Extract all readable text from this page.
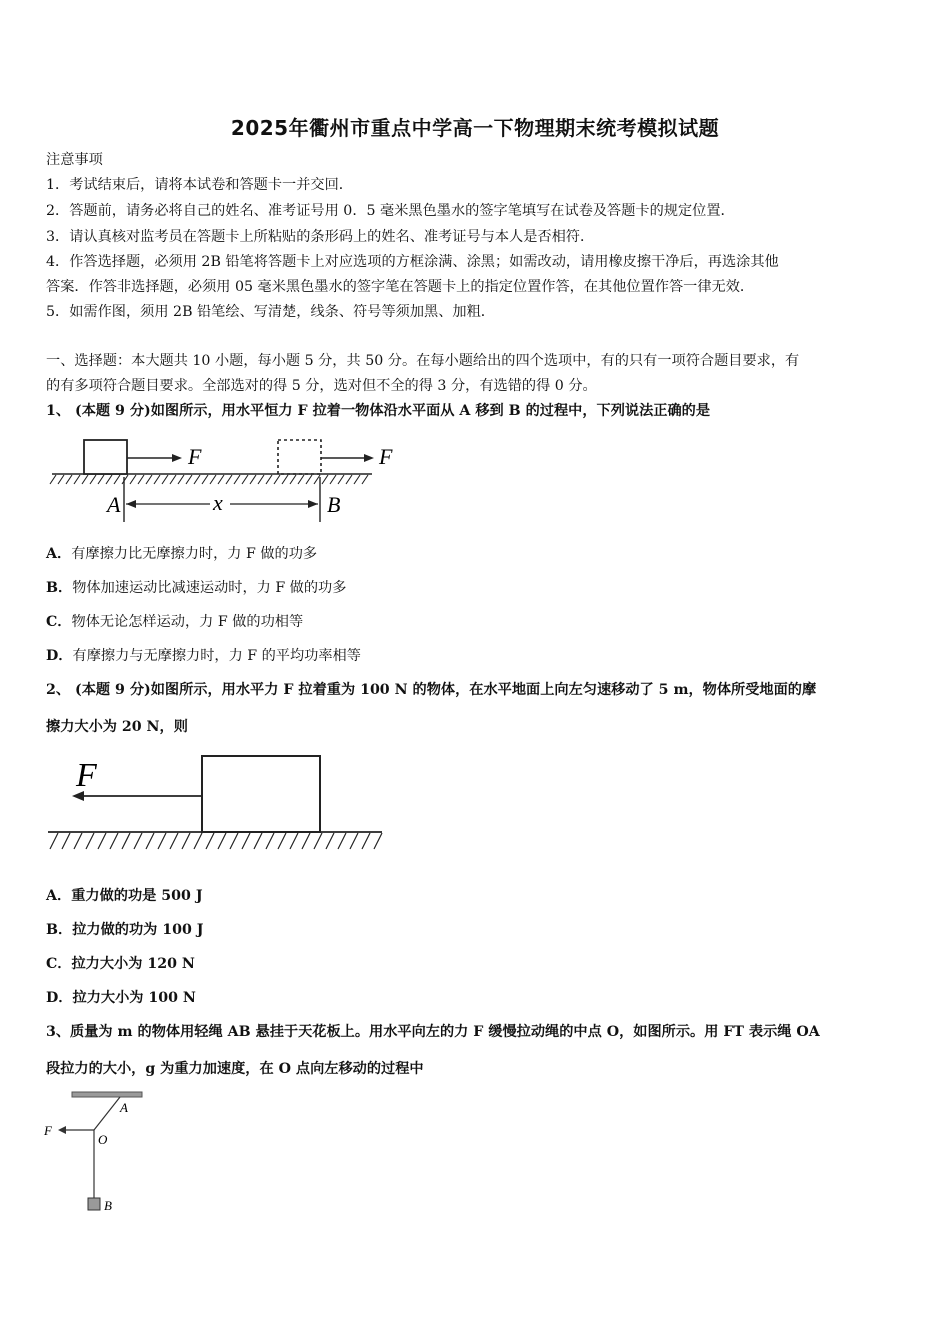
2025年衢州市重点中学高一下物理期末统考模拟试题
注意事项
1．考试结束后，请将本试卷和答题卡一并交回．
2．答题前，请务必将自己的姓名、准考证号用 0．5 毫米黑色墨水的签字笔填写在试卷及答题卡的规定位置．
3．请认真核对监考员在答题卡上所粘贴的条形码上的姓名、准考证号与本人是否相符．
4．作答选择题，必须用 2B 铅笔将答题卡上对应选项的方框涂满、涂黑；如需改动，请用橡皮擦干净后，再选涂其他
答案．作答非选择题，必须用 05 毫米黑色墨水的签字笔在答题卡上的指定位置作答，在其他位置作答一律无效．
5．如需作图，须用 2B 铅笔绘、写清楚，线条、符号等须加黑、加粗．
一、选择题：本大题共 10 小题，每小题 5 分，共 50 分。在每小题给出的四个选项中，有的只有一项符合题目要求，有
的有多项符合题目要求。全部选对的得 5 分，选对但不全的得 3 分，有选错的得 0 分。
1、 (本题 9 分)如图所示，用水平恒力 F 拉着一物体沿水平面从 A 移到 B 的过程中，下列说法正确的是
F	F
A	B
x
A．有摩擦力比无摩擦力时，力 F 做的功多
B．物体加速运动比减速运动时，力 F 做的功多
C．物体无论怎样运动，力 F 做的功相等
D．有摩擦力与无摩擦力时，力 F 的平均功率相等
2、 (本题 9 分)如图所示，用水平力 F 拉着重为 100 N 的物体，在水平地面上向左匀速移动了 5 m，物体所受地面的摩
擦力大小为 20 N，则
F
A．重力做的功是 500 J
B．拉力做的功为 100 J
C．拉力大小为 120 N
D．拉力大小为 100 N
3、质量为 m 的物体用轻绳 AB 悬挂于天花板上。用水平向左的力 F 缓慢拉动绳的中点 O，如图所示。用 FT 表示绳 OA
段拉力的大小，g 为重力加速度，在 O 点向左移动的过程中
A
O
B
F
